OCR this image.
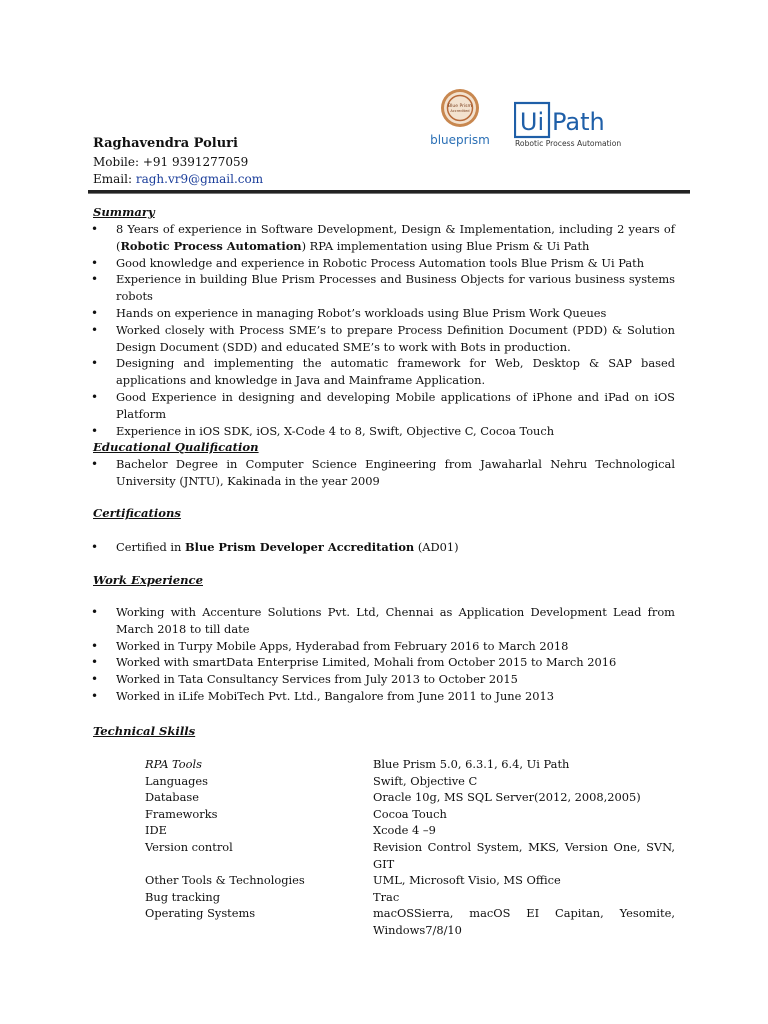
Blue Prism
Accredited
blueprism
Ui Path
Robotic Process Automation
Raghavendra Poluri
Mobile: +91 9391277059
Email: ragh.vr9@gmail.com
Summary
• 8 Years of experience in Software Development, Design & Implementation, including 2 years of (Robotic Process Automation) RPA implementation using Blue Prism & Ui Path
• Good knowledge and experience in Robotic Process Automation tools Blue Prism & Ui Path
• Experience in building Blue Prism Processes and Business Objects for various business systems robots
• Hands on experience in managing Robot’s workloads using Blue Prism Work Queues
• Worked closely with Process SME’s to prepare Process Definition Document (PDD) & Solution Design Document (SDD) and educated SME’s to work with Bots in production.
• Designing and implementing the automatic framework for Web, Desktop & SAP based applications and knowledge in Java and Mainframe Application.
• Good Experience in designing and developing Mobile applications of iPhone and iPad on iOS Platform
• Experience in iOS SDK, iOS, X-Code 4 to 8, Swift, Objective C, Cocoa Touch
Educational Qualification
• Bachelor Degree in Computer Science Engineering from Jawaharlal Nehru Technological University (JNTU), Kakinada in the year 2009
Certifications
• Certified in Blue Prism Developer Accreditation (AD01)
Work Experience
• Working with Accenture Solutions Pvt. Ltd, Chennai as Application Development Lead from March 2018 to till date
• Worked in Turpy Mobile Apps, Hyderabad from February 2016 to March 2018
• Worked with smartData Enterprise Limited, Mohali from October 2015 to March 2016
• Worked in Tata Consultancy Services from July 2013 to October 2015
• Worked in iLife MobiTech Pvt. Ltd., Bangalore from June 2011 to June 2013
Technical Skills
RPA Tools	Blue Prism 5.0, 6.3.1, 6.4, Ui Path
Languages	Swift, Objective C
Database	Oracle 10g, MS SQL Server(2012, 2008,2005)
Frameworks	Cocoa Touch
IDE	Xcode 4 –9
Version control	Revision Control System, MKS, Version One, SVN, GIT
Other Tools & Technologies	UML, Microsoft Visio, MS Office
Bug tracking	Trac
Operating Systems	macOSSierra, macOS EI Capitan, Yesomite, Windows7/8/10
